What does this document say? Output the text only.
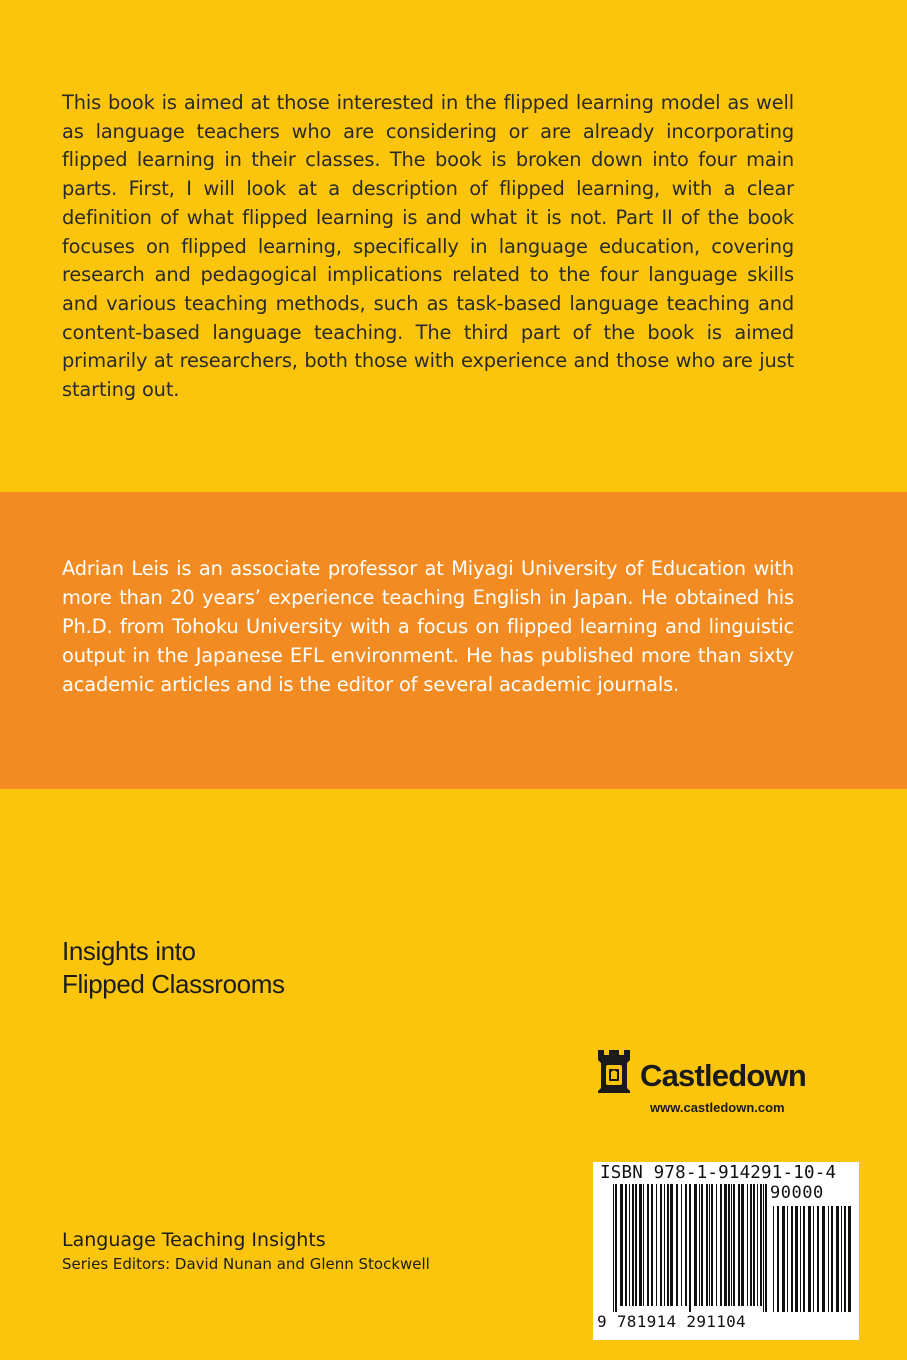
This book is aimed at those interested in the flipped learning model as well as language teachers who are considering or are already incorporating flipped learning in their classes. The book is broken down into four main parts. First, I will look at a description of flipped learning, with a clear definition of what flipped learning is and what it is not. Part II of the book focuses on flipped learning, specifically in language education, covering research and pedagogical implications related to the four language skills and various teaching methods, such as task-based language teaching and content-based language teaching. The third part of the book is aimed primarily at researchers, both those with experience and those who are just starting out.

Adrian Leis is an associate professor at Miyagi University of Education with more than 20 years’ experience teaching English in Japan. He obtained his Ph.D. from Tohoku University with a focus on flipped learning and linguistic output in the Japanese EFL environment. He has published more than sixty academic articles and is the editor of several academic journals.

Insights into
Flipped Classrooms
Castledown
www.castledown.com
ISBN 978-1-914291-10-4
90000
9 781914 291104
Language Teaching Insights
Series Editors: David Nunan and Glenn Stockwell
